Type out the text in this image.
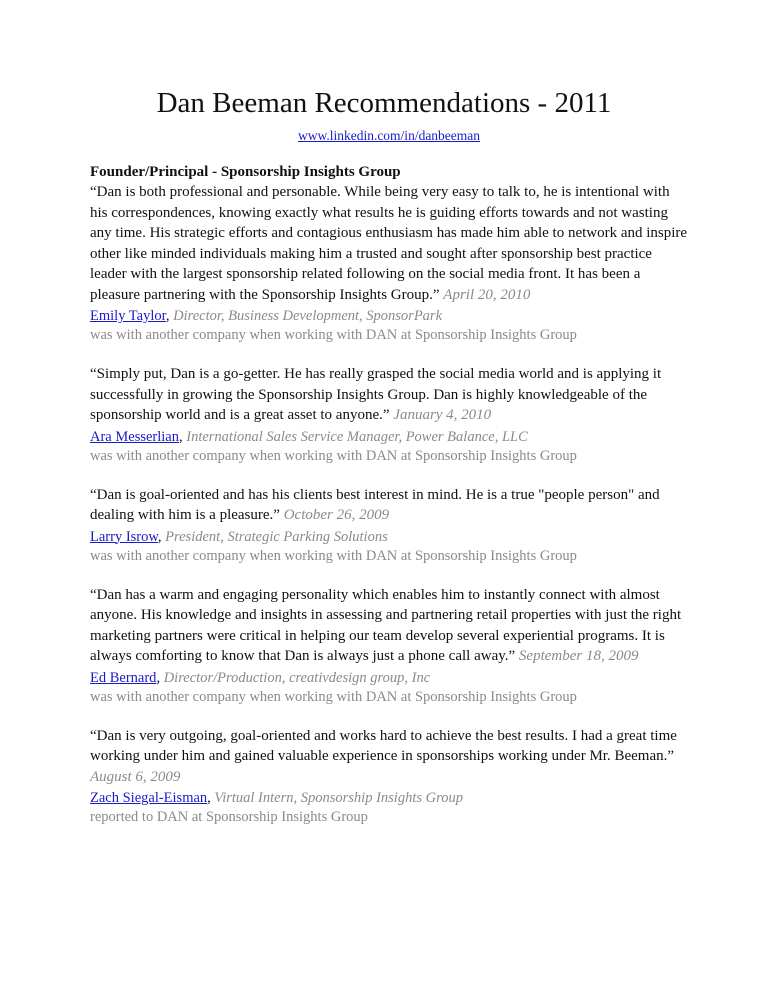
Dan Beeman Recommendations - 2011
www.linkedin.com/in/danbeeman
Founder/Principal - Sponsorship Insights Group

“Dan is both professional and personable. While being very easy to talk to, he is intentional with his correspondences, knowing exactly what results he is guiding efforts towards and not wasting any time. His strategic efforts and contagious enthusiasm has made him able to network and inspire other like minded individuals making him a trusted and sought after sponsorship best practice leader with the largest sponsorship related following on the social media front. It has been a pleasure partnering with the Sponsorship Insights Group.” April 20, 2010

Emily Taylor, Director, Business Development, SponsorPark
was with another company when working with DAN at Sponsorship Insights Group

“Simply put, Dan is a go-getter. He has really grasped the social media world and is applying it successfully in growing the Sponsorship Insights Group. Dan is highly knowledgeable of the sponsorship world and is a great asset to anyone.” January 4, 2010

Ara Messerlian, International Sales Service Manager, Power Balance, LLC
was with another company when working with DAN at Sponsorship Insights Group

“Dan is goal-oriented and has his clients best interest in mind. He is a true "people person" and dealing with him is a pleasure.” October 26, 2009

Larry Isrow, President, Strategic Parking Solutions
was with another company when working with DAN at Sponsorship Insights Group

“Dan has a warm and engaging personality which enables him to instantly connect with almost anyone. His knowledge and insights in assessing and partnering retail properties with just the right marketing partners were critical in helping our team develop several experiential programs. It is always comforting to know that Dan is always just a phone call away.” September 18, 2009

Ed Bernard, Director/Production, creativdesign group, Inc
was with another company when working with DAN at Sponsorship Insights Group

“Dan is very outgoing, goal-oriented and works hard to achieve the best results. I had a great time working under him and gained valuable experience in sponsorships working under Mr. Beeman.” August 6, 2009

Zach Siegal-Eisman, Virtual Intern, Sponsorship Insights Group
reported to DAN at Sponsorship Insights Group
